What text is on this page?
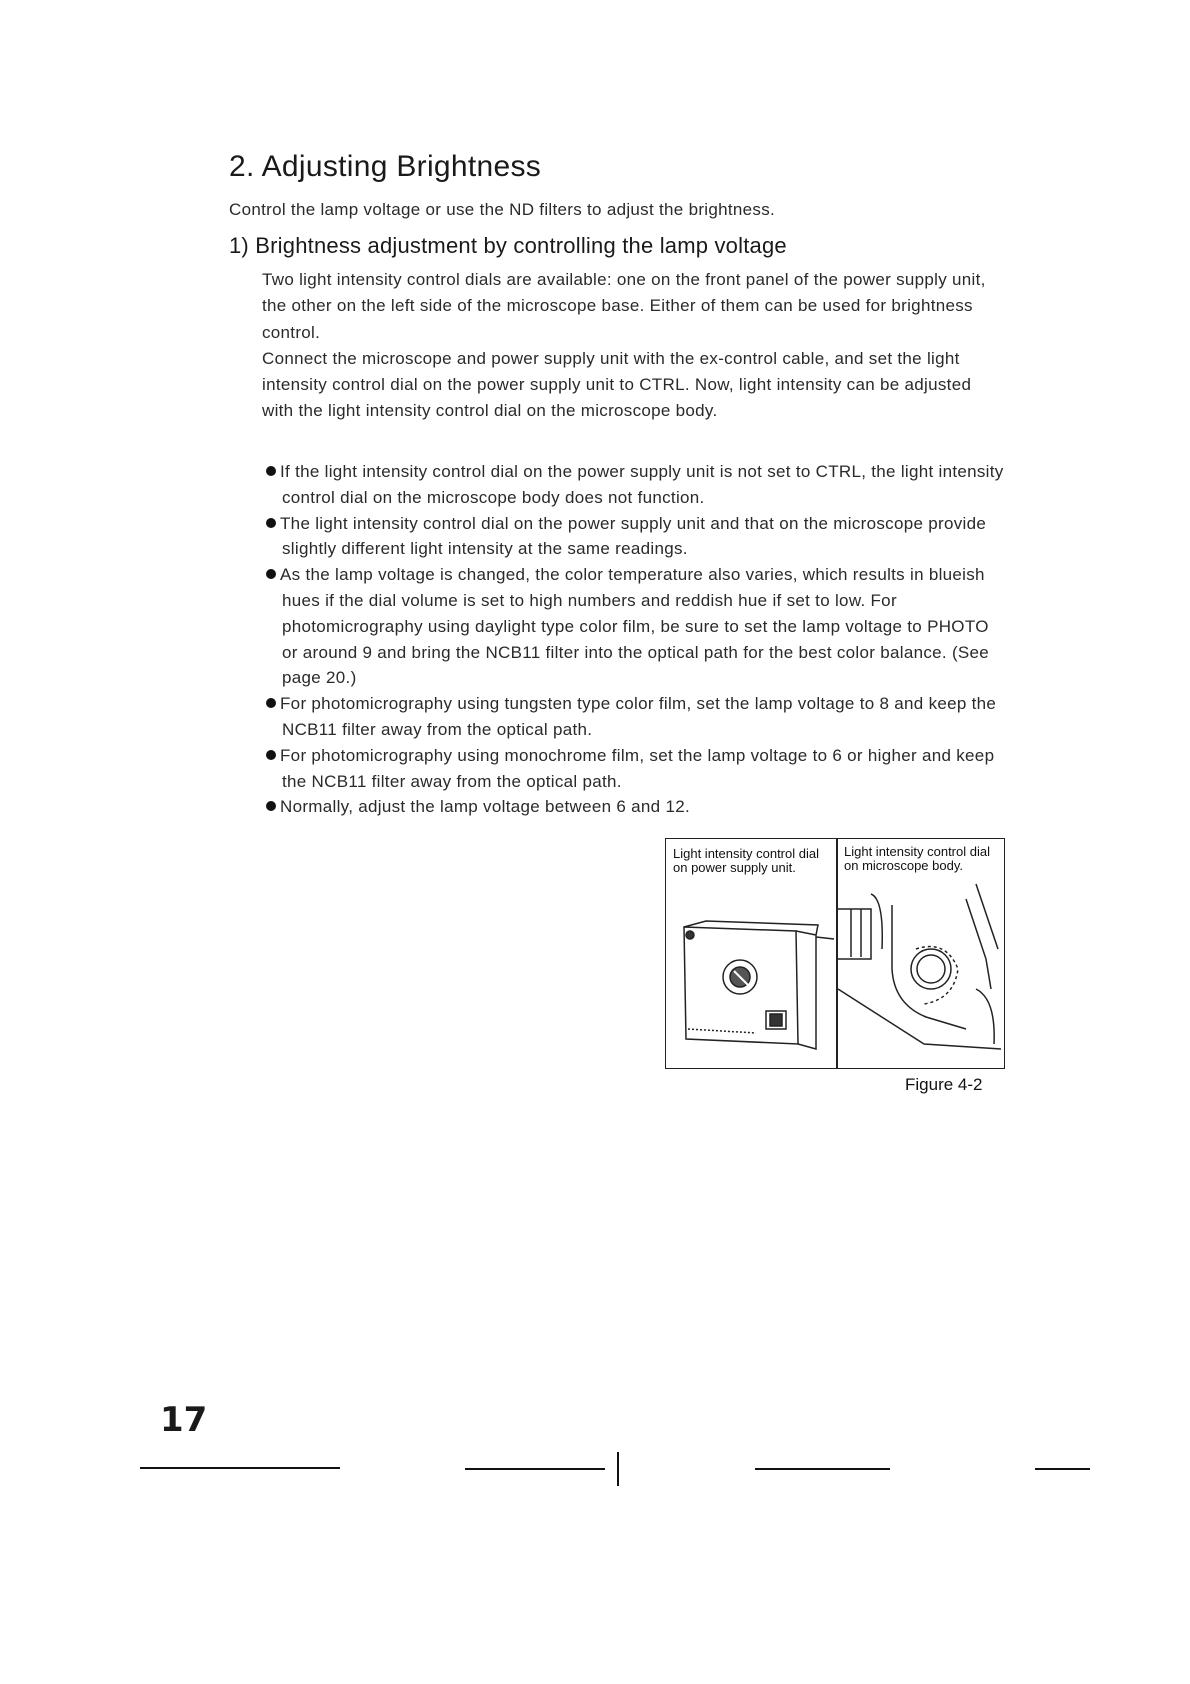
2. Adjusting Brightness

Control the lamp voltage or use the ND filters to adjust the brightness.

1) Brightness adjustment by controlling the lamp voltage

Two light intensity control dials are available: one on the front panel of the power supply unit, the other on the left side of the microscope base. Either of them can be used for brightness control.

Connect the microscope and power supply unit with the ex-control cable, and set the light intensity control dial on the power supply unit to CTRL. Now, light intensity can be adjusted with the light intensity control dial on the microscope body.

If the light intensity control dial on the power supply unit is not set to CTRL, the light intensity control dial on the microscope body does not function.
The light intensity control dial on the power supply unit and that on the microscope provide slightly different light intensity at the same readings.
As the lamp voltage is changed, the color temperature also varies, which results in blueish hues if the dial volume is set to high numbers and reddish hue if set to low. For photomicrography using daylight type color film, be sure to set the lamp voltage to PHOTO or around 9 and bring the NCB11 filter into the optical path for the best color balance. (See page 20.)
For photomicrography using tungsten type color film, set the lamp voltage to 8 and keep the NCB11 filter away from the optical path.
For photomicrography using monochrome film, set the lamp voltage to 6 or higher and keep the NCB11 filter away from the optical path.
Normally, adjust the lamp voltage between 6 and 12.

Light intensity control dial on power supply unit.

Light intensity control dial on microscope body.

Figure 4-2

17
